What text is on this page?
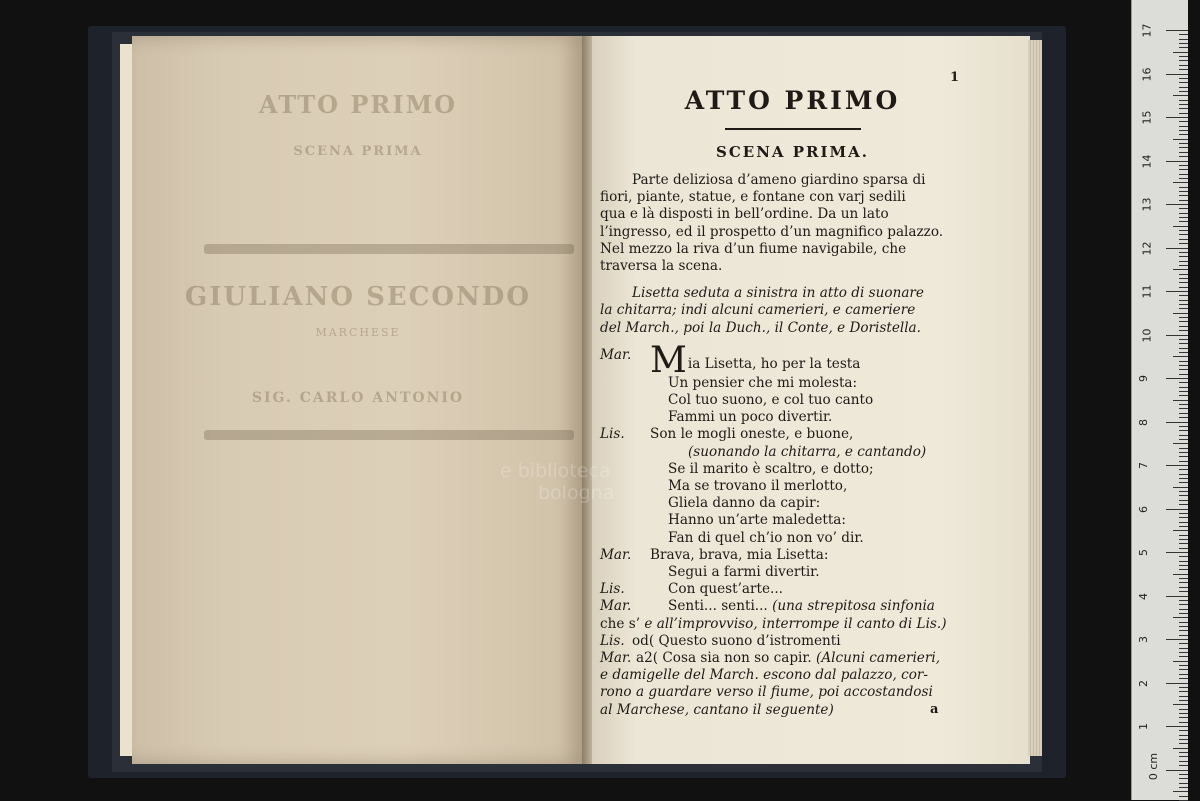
ATTO PRIMO
SCENA PRIMA
GIULIANO SECONDO
MARCHESE
SIG. CARLO ANTONIO
1
ATTO PRIMO
SCENA PRIMA.

Parte deliziosa d’ameno giardino sparsa di

fiori, piante, statue, e fontane con varj sedili

qua e là disposti in bell’ordine. Da un lato

l’ingresso, ed il prospetto d’un magnifico palazzo.

Nel mezzo la riva d’un fiume navigabile, che

traversa la scena.

Lisetta seduta a sinistra in atto di suonare

la chitarra; indi alcuni camerieri, e cameriere

del March., poi la Duch., il Conte, e Doristella.

Mar. Mia Lisetta, ho per la testa

Un pensier che mi molesta:

Col tuo suono, e col tuo canto

Fammi un poco divertir.

Lis. Son le mogli oneste, e buone,

(suonando la chitarra, e cantando)

Se il marito è scaltro, e dotto;

Ma se trovano il merlotto,

Gliela danno da capir:

Hanno un’arte maledetta:

Fan di quel ch’io non vo’ dir.

Mar. Brava, brava, mia Lisetta:

Segui a farmi divertir.

Lis.	Con quest’arte...

Mar.	Senti... senti... (una strepitosa sinfonia

che s’ e all’improvviso, interrompe il canto di Lis.)

Lis. od( Questo suono d’istromenti

Mar. a2( Cosa sia non so capir. (Alcuni camerieri,

e damigelle del March. escono dal palazzo, cor-

rono a guardare verso il fiume, poi accostandosi

al Marchese, cantano il seguente)	a
e biblioteca
bologna
17
16
15
14
13
12
11
10
9
8
7
6
5
4
3
2
1
0 cm
